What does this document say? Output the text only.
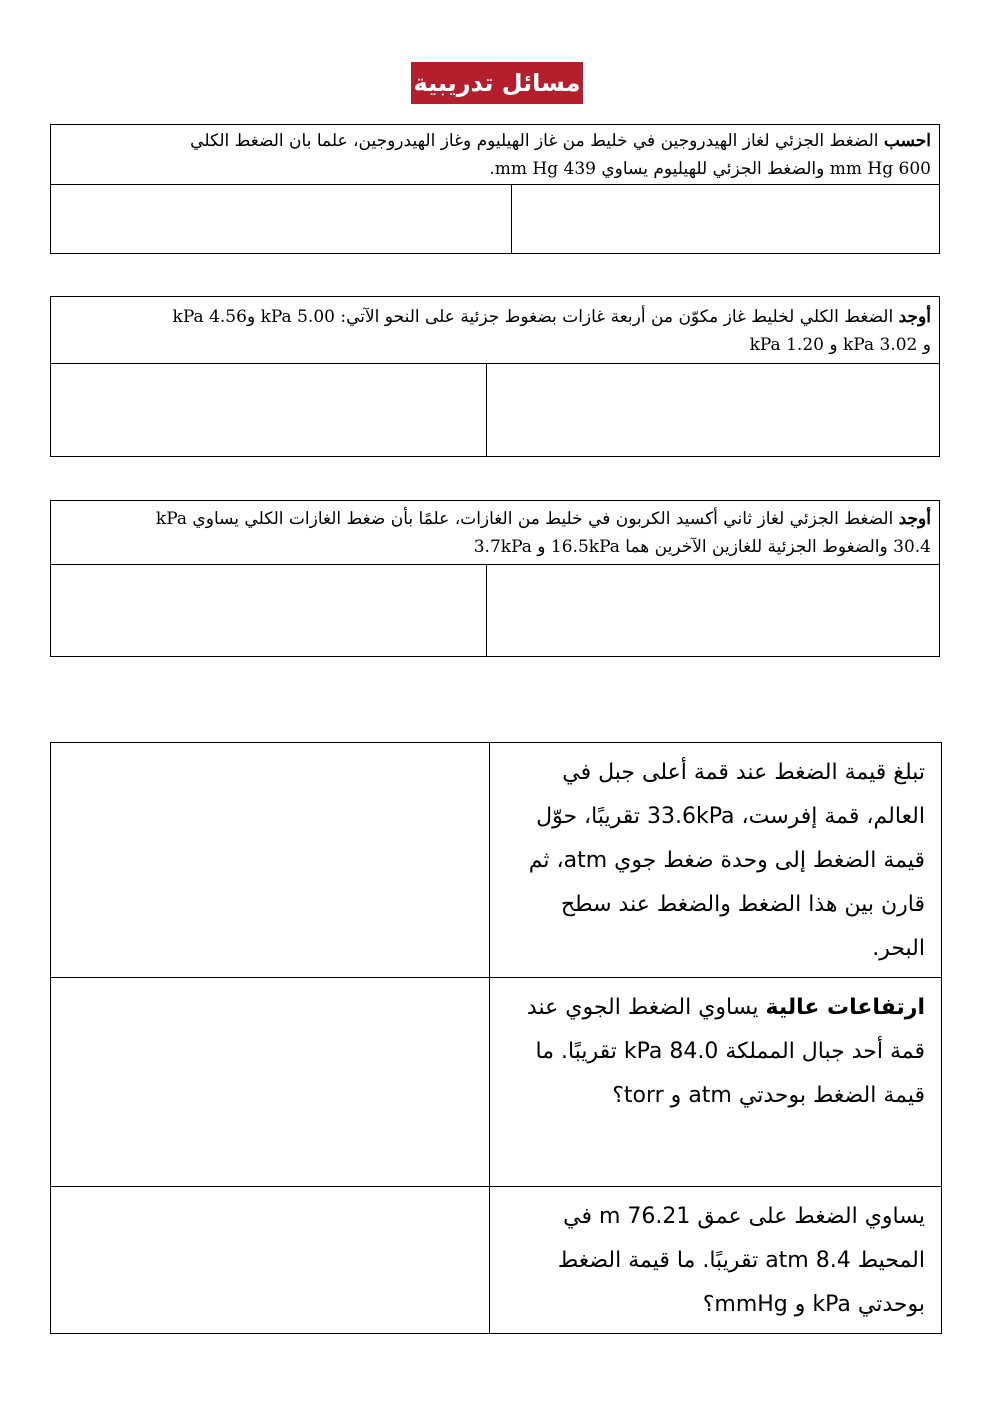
مسائل تدريبية
احسب الضغط الجزئي لغاز الهيدروجين في خليط من غاز الهيليوم وغاز الهيدروجين، علما بان الضغط الكلي
600 mm Hg والضغط الجزئي للهيليوم يساوي 439 mm Hg.
أوجد الضغط الكلي لخليط غاز مكوّن من أربعة غازات بضغوط جزئية على النحو الآتي: 5.00 kPa و4.56 kPa
و 3.02 kPa و 1.20 kPa
أوجد الضغط الجزئي لغاز ثاني أكسيد الكربون في خليط من الغازات، علمًا بأن ضغط الغازات الكلي يساوي kPa
30.4 والضغوط الجزئية للغازين الآخرين هما 16.5kPa و 3.7kPa
	تبلغ قيمة الضغط عند قمة أعلى جبل في العالم، قمة إفرست، 33.6kPa تقريبًا، حوّل قيمة الضغط إلى وحدة ضغط جوي atm، ثم قارن بين هذا الضغط والضغط عند سطح البحر.
	ارتفاعات عالية يساوي الضغط الجوي عند قمة أحد جبال المملكة 84.0 kPa تقريبًا. ما قيمة الضغط بوحدتي atm و torr؟
	يساوي الضغط على عمق 76.21 m في المحيط 8.4 atm تقريبًا. ما قيمة الضغط بوحدتي kPa و mmHg؟
